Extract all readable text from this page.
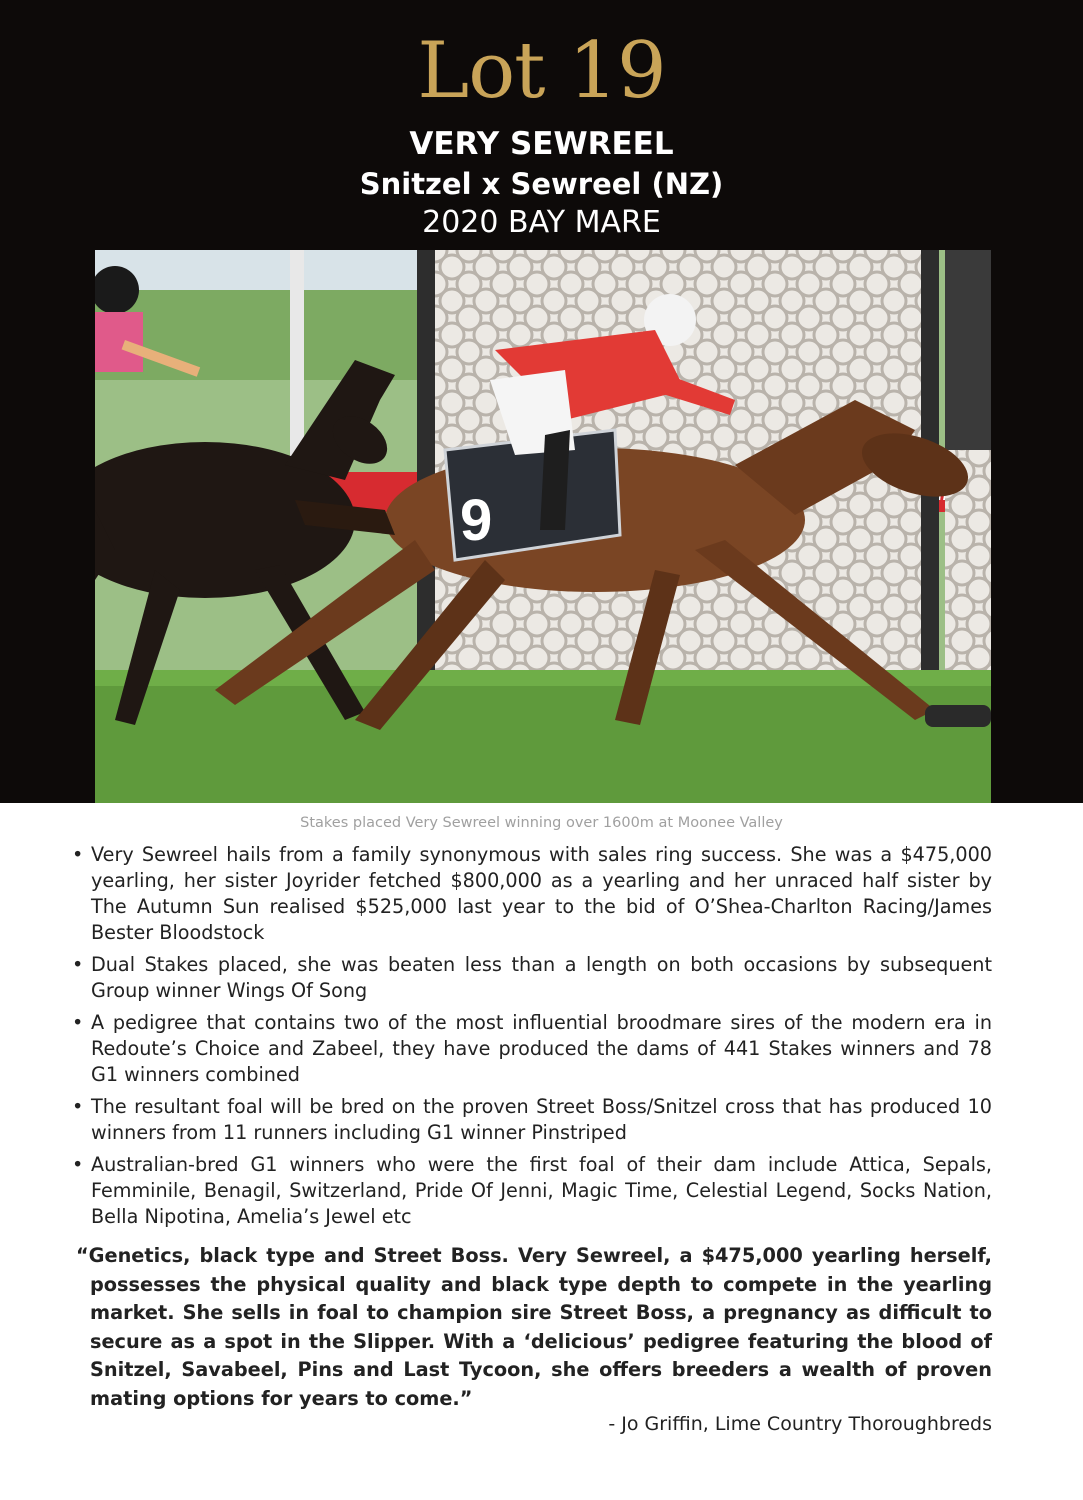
Lot 19
VERY SEWREEL
Snitzel x Sewreel (NZ)
2020 BAY MARE
9
Stakes placed Very Sewreel winning over 1600m at Moonee Valley
• Very Sewreel hails from a family synonymous with sales ring success. She was a $475,000 yearling, her sister Joyrider fetched $800,000 as a yearling and her unraced half sister by The Autumn Sun realised $525,000 last year to the bid of O’Shea-Charlton Racing/James Bester Bloodstock
• Dual Stakes placed, she was beaten less than a length on both occasions by subsequent Group winner Wings Of Song
• A pedigree that contains two of the most influential broodmare sires of the modern era in Redoute’s Choice and Zabeel, they have produced the dams of 441 Stakes winners and 78 G1 winners combined
• The resultant foal will be bred on the proven Street Boss/Snitzel cross that has produced 10 winners from 11 runners including G1 winner Pinstriped
• Australian-bred G1 winners who were the first foal of their dam include Attica, Sepals, Femminile, Benagil, Switzerland, Pride Of Jenni, Magic Time, Celestial Legend, Socks Nation, Bella Nipotina, Amelia’s Jewel etc
“Genetics, black type and Street Boss. Very Sewreel, a $475,000 yearling herself, possesses the physical quality and black type depth to compete in the yearling market. She sells in foal to champion sire Street Boss, a pregnancy as difficult to secure as a spot in the Slipper. With a ‘delicious’ pedigree featuring the blood of Snitzel, Savabeel, Pins and Last Tycoon, she offers breeders a wealth of proven mating options for years to come.”
- Jo Griffin, Lime Country Thoroughbreds
